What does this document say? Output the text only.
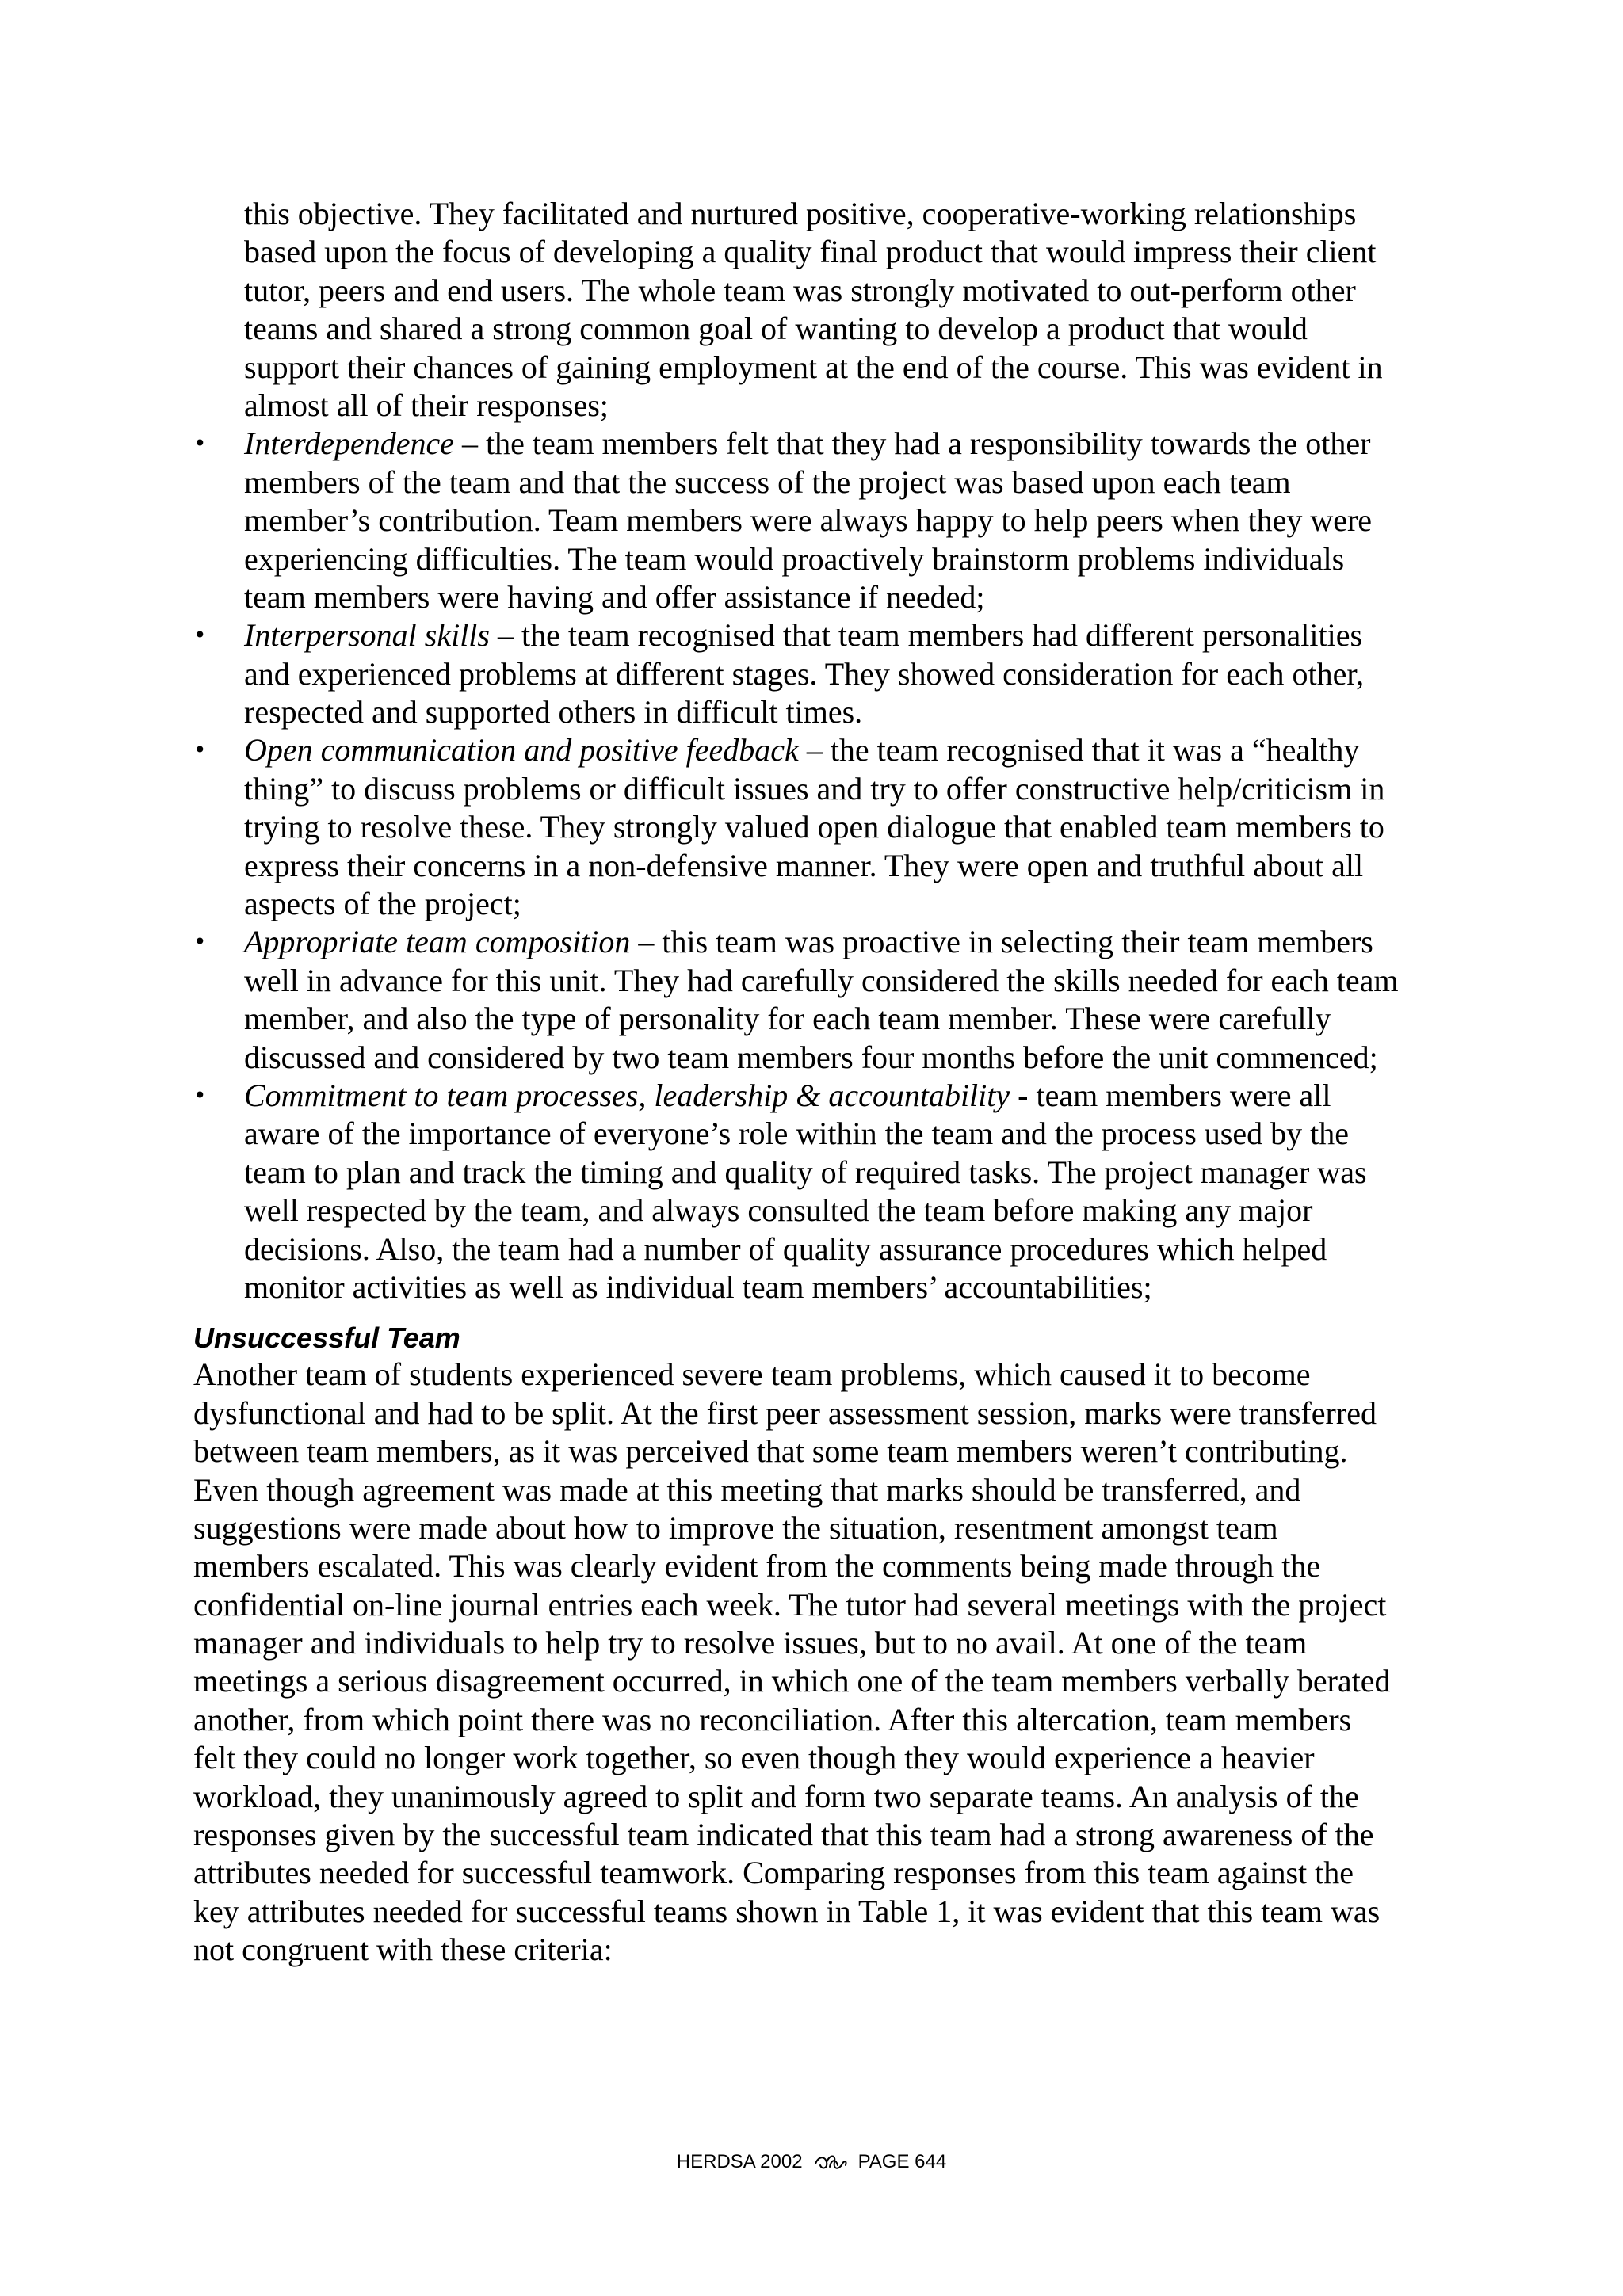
this objective. They facilitated and nurtured positive, cooperative-working relationships
based upon the focus of developing a quality final product that would impress their client
tutor, peers and end users. The whole team was strongly motivated to out-perform other
teams and shared a strong common goal of wanting to develop a product that would
support their chances of gaining employment at the end of the course. This was evident in
almost all of their responses;
• Interdependence – the team members felt that they had a responsibility towards the other
members of the team and that the success of the project was based upon each team
member’s contribution. Team members were always happy to help peers when they were
experiencing difficulties. The team would proactively brainstorm problems individuals
team members were having and offer assistance if needed;
• Interpersonal skills – the team recognised that team members had different personalities
and experienced problems at different stages. They showed consideration for each other,
respected and supported others in difficult times.
• Open communication and positive feedback – the team recognised that it was a “healthy
thing” to discuss problems or difficult issues and try to offer constructive help/criticism in
trying to resolve these. They strongly valued open dialogue that enabled team members to
express their concerns in a non-defensive manner. They were open and truthful about all
aspects of the project;
• Appropriate team composition – this team was proactive in selecting their team members
well in advance for this unit. They had carefully considered the skills needed for each team
member, and also the type of personality for each team member. These were carefully
discussed and considered by two team members four months before the unit commenced;
• Commitment to team processes, leadership & accountability - team members were all
aware of the importance of everyone’s role within the team and the process used by the
team to plan and track the timing and quality of required tasks. The project manager was
well respected by the team, and always consulted the team before making any major
decisions. Also, the team had a number of quality assurance procedures which helped
monitor activities as well as individual team members’ accountabilities;
Unsuccessful Team
Another team of students experienced severe team problems, which caused it to become
dysfunctional and had to be split. At the first peer assessment session, marks were transferred
between team members, as it was perceived that some team members weren’t contributing.
Even though agreement was made at this meeting that marks should be transferred, and
suggestions were made about how to improve the situation, resentment amongst team
members escalated. This was clearly evident from the comments being made through the
confidential on-line journal entries each week. The tutor had several meetings with the project
manager and individuals to help try to resolve issues, but to no avail. At one of the team
meetings a serious disagreement occurred, in which one of the team members verbally berated
another, from which point there was no reconciliation. After this altercation, team members
felt they could no longer work together, so even though they would experience a heavier
workload, they unanimously agreed to split and form two separate teams. An analysis of the
responses given by the successful team indicated that this team had a strong awareness of the
attributes needed for successful teamwork. Comparing responses from this team against the
key attributes needed for successful teams shown in Table 1, it was evident that this team was
not congruent with these criteria:
HERDSA 2002	PAGE 644
